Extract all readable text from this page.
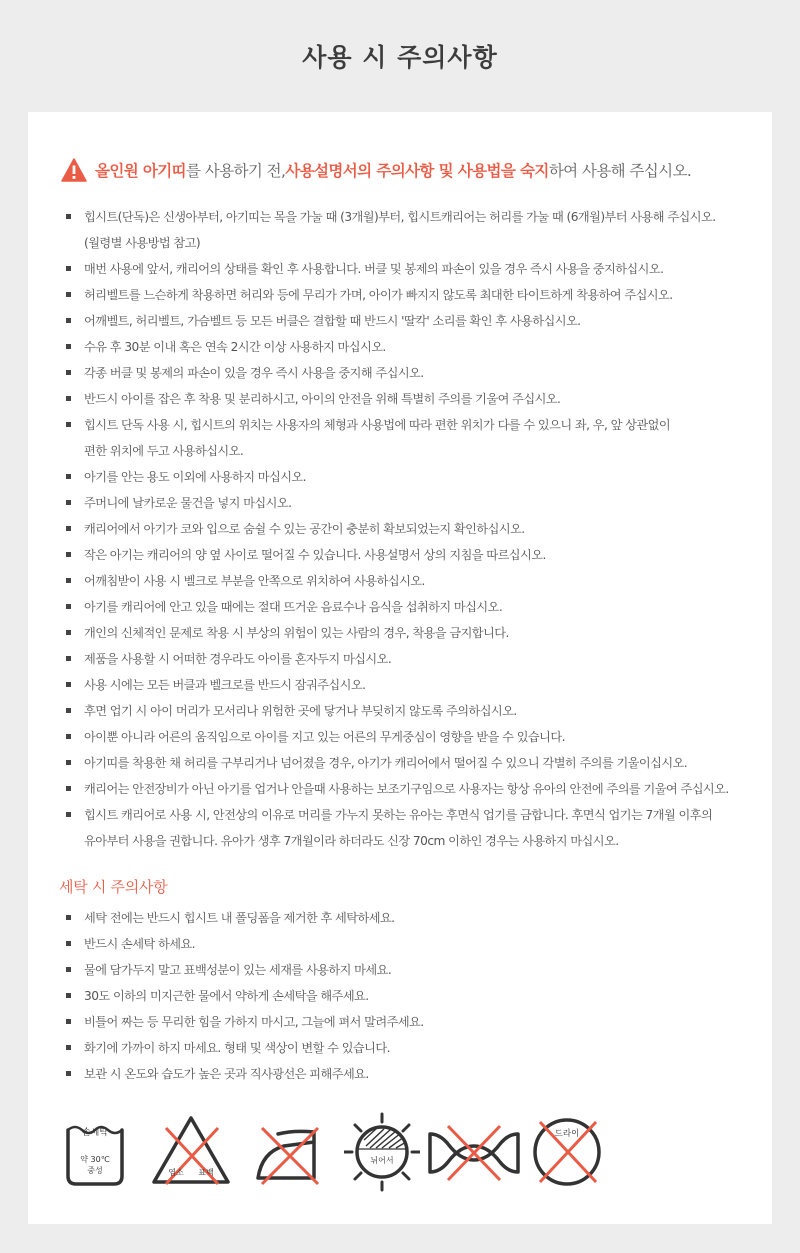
사용 시 주의사항
올인원 아기띠 를 사용하기 전, 사용설명서의 주의사항 및 사용법을 숙지 하여 사용해 주십시오.
힙시트(단독)은 신생아부터, 아기띠는 목을 가눌 때 (3개월)부터, 힙시트캐리어는 허리를 가눌 때 (6개월)부터 사용해 주십시오.
(월령별 사용방법 참고)
매번 사용에 앞서, 캐리어의 상태를 확인 후 사용합니다. 버클 및 봉제의 파손이 있을 경우 즉시 사용을 중지하십시오.
허리벨트를 느슨하게 착용하면 허리와 등에 무리가 가며, 아이가 빠지지 않도록 최대한 타이트하게 착용하여 주십시오.
어깨벨트, 허리벨트, 가슴벨트 등 모든 버클은 결합할 때 반드시 '딸칵' 소리를 확인 후 사용하십시오.
수유 후 30분 이내 혹은 연속 2시간 이상 사용하지 마십시오.
각종 버클 및 봉제의 파손이 있을 경우 즉시 사용을 중지해 주십시오.
반드시 아이를 잡은 후 착용 및 분리하시고, 아이의 안전을 위해 특별히 주의를 기울여 주십시오.
힙시트 단독 사용 시, 힙시트의 위치는 사용자의 체형과 사용법에 따라 편한 위치가 다를 수 있으니 좌, 우, 앞 상관없이
편한 위치에 두고 사용하십시오.
아기를 안는 용도 이외에 사용하지 마십시오.
주머니에 날카로운 물건을 넣지 마십시오.
캐리어에서 아기가 코와 입으로 숨쉴 수 있는 공간이 충분히 확보되었는지 확인하십시오.
작은 아기는 캐리어의 양 옆 사이로 떨어질 수 있습니다. 사용설명서 상의 지침을 따르십시오.
어깨침받이 사용 시 벨크로 부분을 안쪽으로 위치하여 사용하십시오.
아기를 캐리어에 안고 있을 때에는 절대 뜨거운 음료수나 음식을 섭취하지 마십시오.
개인의 신체적인 문제로 착용 시 부상의 위험이 있는 사람의 경우, 착용을 금지합니다.
제품을 사용할 시 어떠한 경우라도 아이를 혼자두지 마십시오.
사용 시에는 모든 버클과 벨크로를 반드시 잠궈주십시오.
후면 업기 시 아이 머리가 모서리나 위험한 곳에 닿거나 부딪히지 않도록 주의하십시오.
아이뿐 아니라 어른의 움직임으로 아이를 지고 있는 어른의 무게중심이 영향을 받을 수 있습니다.
아기띠를 착용한 채 허리를 구부리거나 넘어졌을 경우, 아기가 캐리어에서 떨어질 수 있으니 각별히 주의를 기울이십시오.
캐리어는 안전장비가 아닌 아기를 업거나 안을때 사용하는 보조기구임으로 사용자는 항상 유아의 안전에 주의를 기울여 주십시오.
힙시트 캐리어로 사용 시, 안전상의 이유로 머리를 가누지 못하는 유아는 후면식 업기를 금합니다. 후면식 업기는 7개월 이후의
유아부터 사용을 권합니다. 유아가 생후 7개월이라 하더라도 신장 70cm 이하인 경우는 사용하지 마십시오.
세탁 시 주의사항
세탁 전에는 반드시 힙시트 내 폴딩폼을 제거한 후 세탁하세요.
반드시 손세탁 하세요.
물에 담가두지 말고 표백성분이 있는 세재를 사용하지 마세요.
30도 이하의 미지근한 물에서 약하게 손세탁을 해주세요.
비틀어 짜는 등 무리한 힘을 가하지 마시고, 그늘에 펴서 말려주세요.
화기에 가까이 하지 마세요. 형태 및 색상이 변할 수 있습니다.
보관 시 온도와 습도가 높은 곳과 직사광선은 피해주세요.
손세탁
약 30℃
중성	염소 표백
뉘어서
드라이
